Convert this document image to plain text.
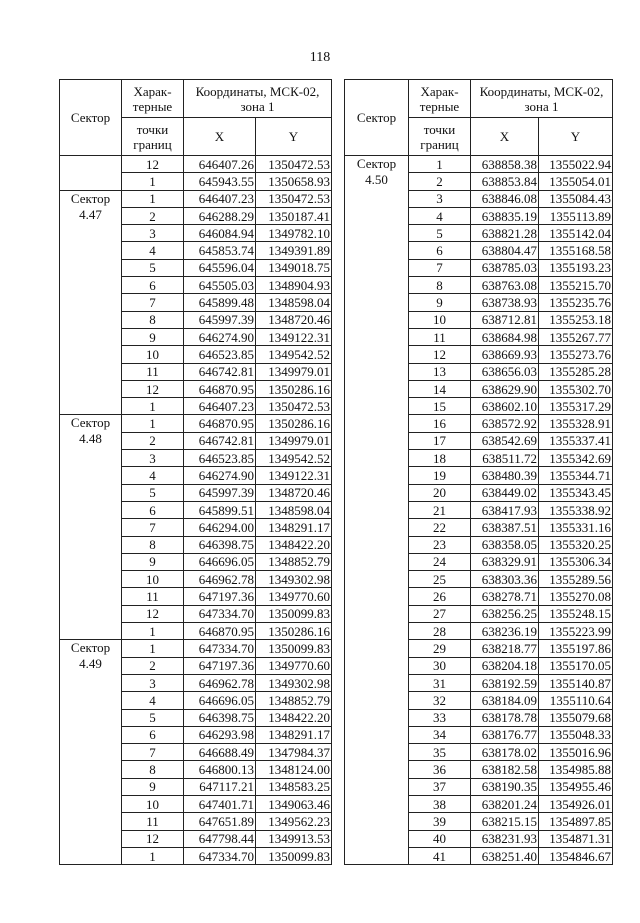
118
Сектор	Харак- терные	Координаты, МСК-02, зона 1	
	точки границ	X	Y
	12	646407.26	1350472.53
	1	645943.55	1350658.93
Сектор 4.47	1	646407.23	1350472.53
	2	646288.29	1350187.41
	3	646084.94	1349782.10
	4	645853.74	1349391.89
	5	645596.04	1349018.75
	6	645505.03	1348904.93
	7	645899.48	1348598.04
	8	645997.39	1348720.46
	9	646274.90	1349122.31
	10	646523.85	1349542.52
	11	646742.81	1349979.01
	12	646870.95	1350286.16
	1	646407.23	1350472.53
Сектор 4.48	1	646870.95	1350286.16
	2	646742.81	1349979.01
	3	646523.85	1349542.52
	4	646274.90	1349122.31
	5	645997.39	1348720.46
	6	645899.51	1348598.04
	7	646294.00	1348291.17
	8	646398.75	1348422.20
	9	646696.05	1348852.79
	10	646962.78	1349302.98
	11	647197.36	1349770.60
	12	647334.70	1350099.83
	1	646870.95	1350286.16
Сектор 4.49	1	647334.70	1350099.83
	2	647197.36	1349770.60
	3	646962.78	1349302.98
	4	646696.05	1348852.79
	5	646398.75	1348422.20
	6	646293.98	1348291.17
	7	646688.49	1347984.37
	8	646800.13	1348124.00
	9	647117.21	1348583.25
	10	647401.71	1349063.46
	11	647651.89	1349562.23
	12	647798.44	1349913.53
	1	647334.70	1350099.83
Сектор	Харак- терные	Координаты, МСК-02, зона 1	
	точки границ	X	Y
Сектор 4.50	1	638858.38	1355022.94
	2	638853.84	1355054.01
	3	638846.08	1355084.43
	4	638835.19	1355113.89
	5	638821.28	1355142.04
	6	638804.47	1355168.58
	7	638785.03	1355193.23
	8	638763.08	1355215.70
	9	638738.93	1355235.76
	10	638712.81	1355253.18
	11	638684.98	1355267.77
	12	638669.93	1355273.76
	13	638656.03	1355285.28
	14	638629.90	1355302.70
	15	638602.10	1355317.29
	16	638572.92	1355328.91
	17	638542.69	1355337.41
	18	638511.72	1355342.69
	19	638480.39	1355344.71
	20	638449.02	1355343.45
	21	638417.93	1355338.92
	22	638387.51	1355331.16
	23	638358.05	1355320.25
	24	638329.91	1355306.34
	25	638303.36	1355289.56
	26	638278.71	1355270.08
	27	638256.25	1355248.15
	28	638236.19	1355223.99
	29	638218.77	1355197.86
	30	638204.18	1355170.05
	31	638192.59	1355140.87
	32	638184.09	1355110.64
	33	638178.78	1355079.68
	34	638176.77	1355048.33
	35	638178.02	1355016.96
	36	638182.58	1354985.88
	37	638190.35	1354955.46
	38	638201.24	1354926.01
	39	638215.15	1354897.85
	40	638231.93	1354871.31
	41	638251.40	1354846.67
